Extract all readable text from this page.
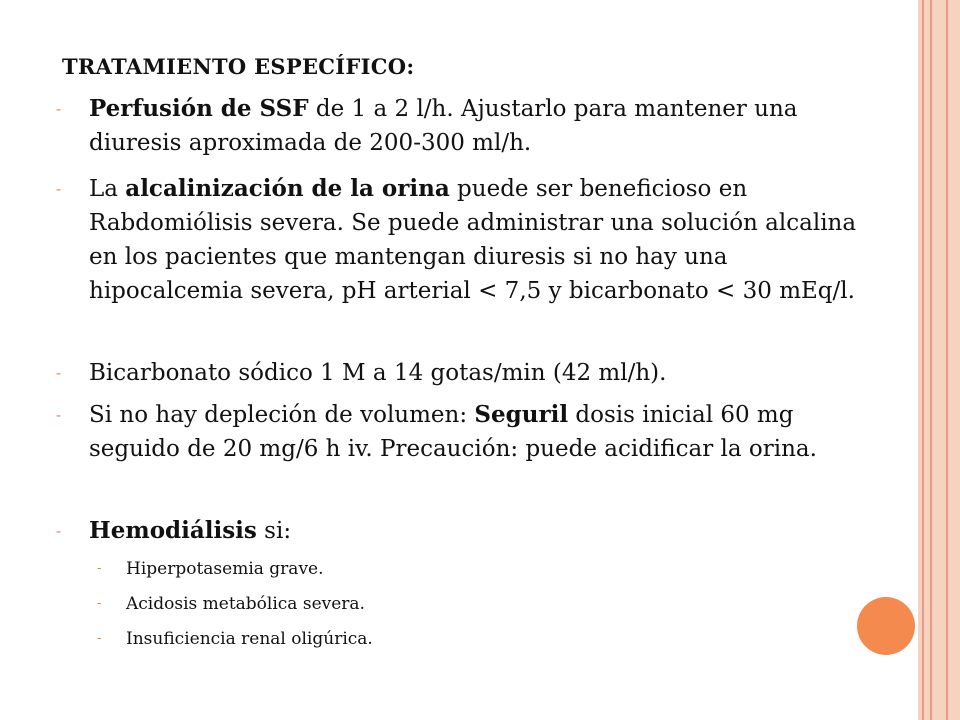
TRATAMIENTO ESPECÍFICO:
- Perfusión de SSF de 1 a 2 l/h. Ajustarlo para mantener una diuresis aproximada de 200-300 ml/h.
- La alcalinización de la orina puede ser beneficioso en Rabdomiólisis severa. Se puede administrar una solución alcalina en los pacientes que mantengan diuresis si no hay una hipocalcemia severa, pH arterial < 7,5 y bicarbonato < 30 mEq/l.
- Bicarbonato sódico 1 M a 14 gotas/min (42 ml/h).
- Si no hay depleción de volumen: Seguril dosis inicial 60 mg seguido de 20 mg/6 h iv. Precaución: puede acidificar la orina.
- Hemodiálisis si:
- Hiperpotasemia grave.
- Acidosis metabólica severa.
- Insuficiencia renal oligúrica.
